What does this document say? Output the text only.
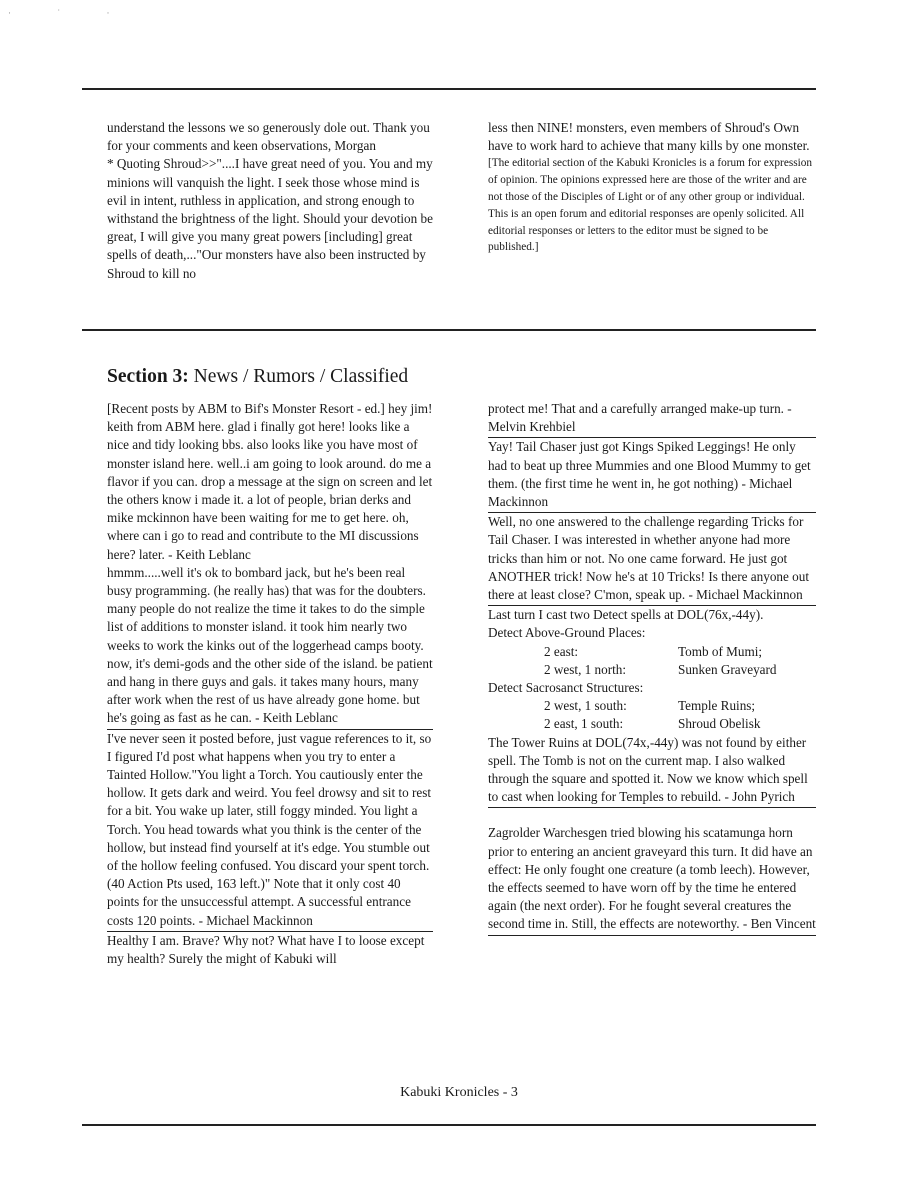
· ˙ ·

understand the lessons we so generously dole out. Thank you for your comments and keen observations, Morgan

* Quoting Shroud>>"....I have great need of you. You and my minions will vanquish the light. I seek those whose mind is evil in intent, ruthless in application, and strong enough to withstand the brightness of the light. Should your devotion be great, I will give you many great powers [including] great spells of death,..."Our monsters have also been instructed by Shroud to kill no

less then NINE! monsters, even members of Shroud's Own have to work hard to achieve that many kills by one monster.

[The editorial section of the Kabuki Kronicles is a forum for expression of opinion. The opinions expressed here are those of the writer and are not those of the Disciples of Light or of any other group or individual. This is an open forum and editorial responses are openly solicited. All editorial responses or letters to the editor must be signed to be published.]

Section 3: News / Rumors / Classified

[Recent posts by ABM to Bif's Monster Resort - ed.] hey jim! keith from ABM here. glad i finally got here! looks like a nice and tidy looking bbs. also looks like you have most of monster island here. well..i am going to look around. do me a flavor if you can. drop a message at the sign on screen and let the others know i made it. a lot of people, brian derks and mike mckinnon have been waiting for me to get here. oh, where can i go to read and contribute to the MI discussions here? later. - Keith Leblanc

hmmm.....well it's ok to bombard jack, but he's been real busy programming. (he really has) that was for the doubters. many people do not realize the time it takes to do the simple list of additions to monster island. it took him nearly two weeks to work the kinks out of the loggerhead camps booty. now, it's demi-gods and the other side of the island. be patient and hang in there guys and gals. it takes many hours, many after work when the rest of us have already gone home. but he's going as fast as he can. - Keith Leblanc

I've never seen it posted before, just vague references to it, so I figured I'd post what happens when you try to enter a Tainted Hollow."You light a Torch. You cautiously enter the hollow. It gets dark and weird. You feel drowsy and sit to rest for a bit. You wake up later, still foggy minded. You light a Torch. You head towards what you think is the center of the hollow, but instead find yourself at it's edge. You stumble out of the hollow feeling confused. You discard your spent torch. (40 Action Pts used, 163 left.)" Note that it only cost 40 points for the unsuccessful attempt. A successful entrance costs 120 points. - Michael Mackinnon

Healthy I am. Brave? Why not? What have I to loose except my health? Surely the might of Kabuki will

protect me! That and a carefully arranged make-up turn. - Melvin Krehbiel

Yay! Tail Chaser just got Kings Spiked Leggings! He only had to beat up three Mummies and one Blood Mummy to get them. (the first time he went in, he got nothing) - Michael Mackinnon

Well, no one answered to the challenge regarding Tricks for Tail Chaser. I was interested in whether anyone had more tricks than him or not. No one came forward. He just got ANOTHER trick! Now he's at 10 Tricks! Is there anyone out there at least close? C'mon, speak up. - Michael Mackinnon

Last turn I cast two Detect spells at DOL(76x,-44y).

Detect Above-Ground Places:

	2 east:	Tomb of Mumi;
	2 west, 1 north:	Sunken Graveyard

Detect Sacrosanct Structures:

	2 west, 1 south:	Temple Ruins;
	2 east, 1 south:	Shroud Obelisk

The Tower Ruins at DOL(74x,-44y) was not found by either spell. The Tomb is not on the current map. I also walked through the square and spotted it. Now we know which spell to cast when looking for Temples to rebuild. - John Pyrich

Zagrolder Warchesgen tried blowing his scatamunga horn prior to entering an ancient graveyard this turn. It did have an effect: He only fought one creature (a tomb leech). However, the effects seemed to have worn off by the time he entered again (the next order). For he fought several creatures the second time in. Still, the effects are noteworthy. - Ben Vincent

Kabuki Kronicles - 3
